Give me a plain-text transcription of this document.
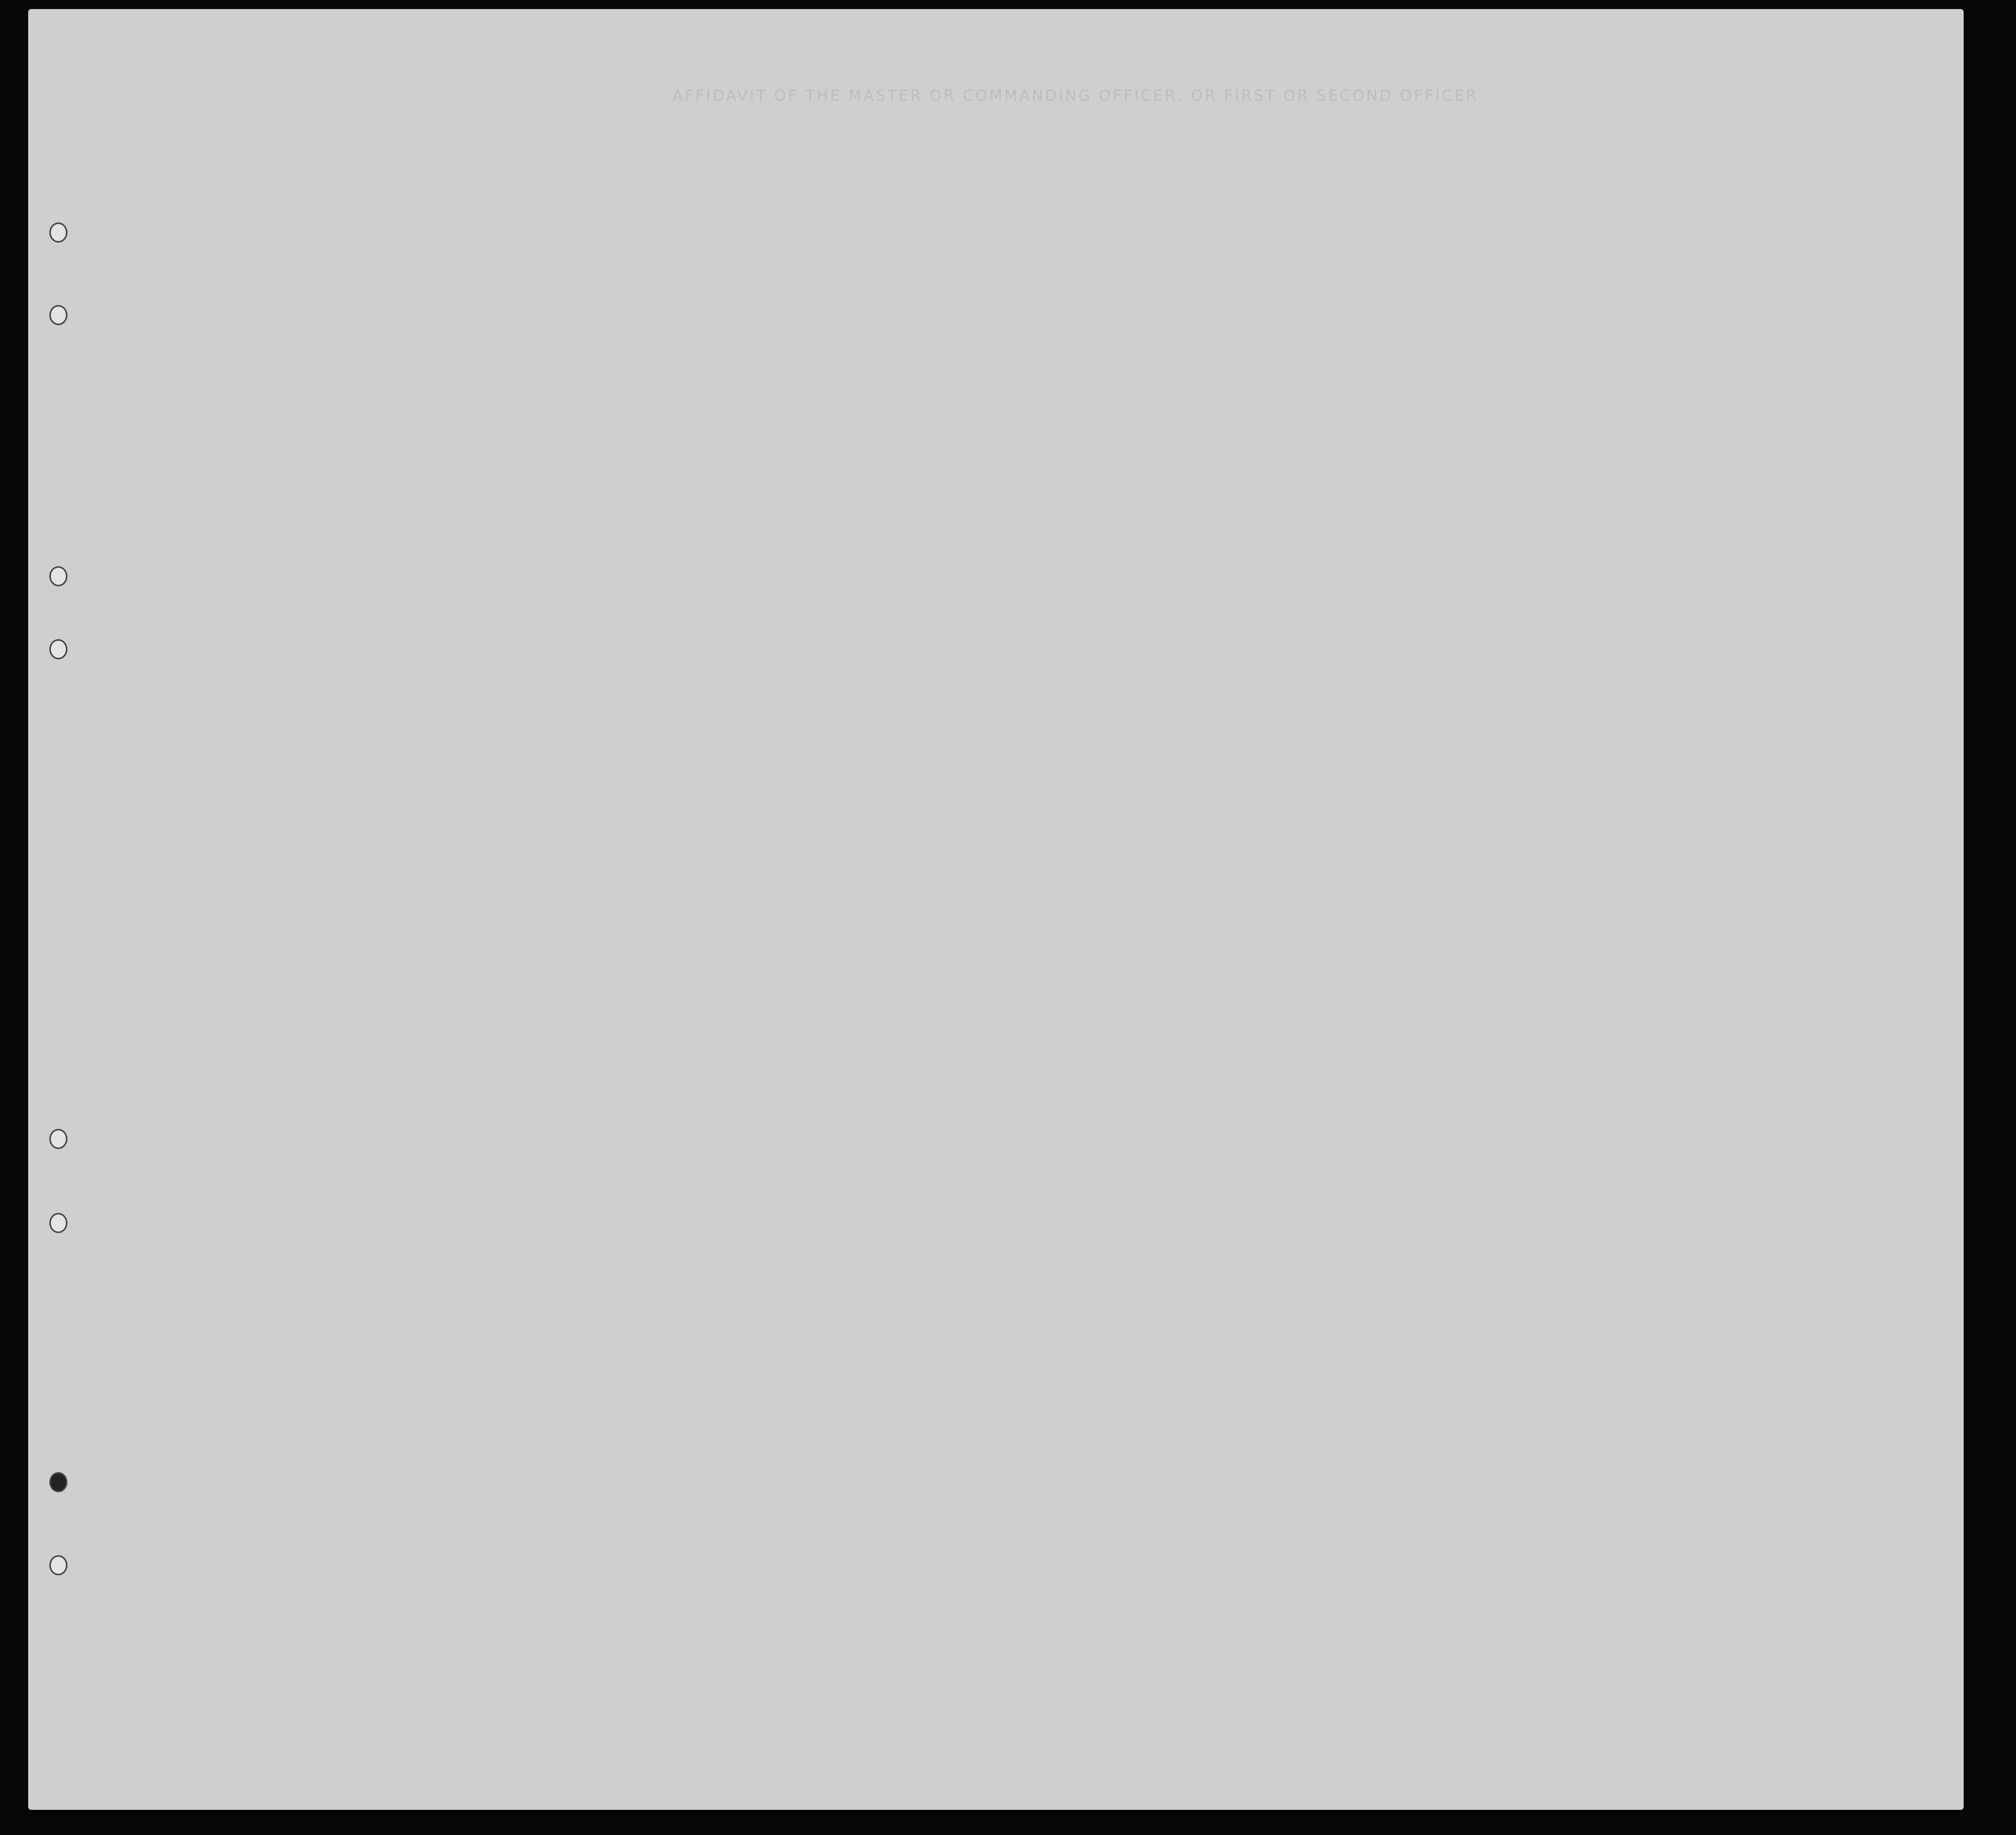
AFFIDAVIT OF THE MASTER OR COMMANDING OFFICER, OR FIRST OR SECOND OFFICER
